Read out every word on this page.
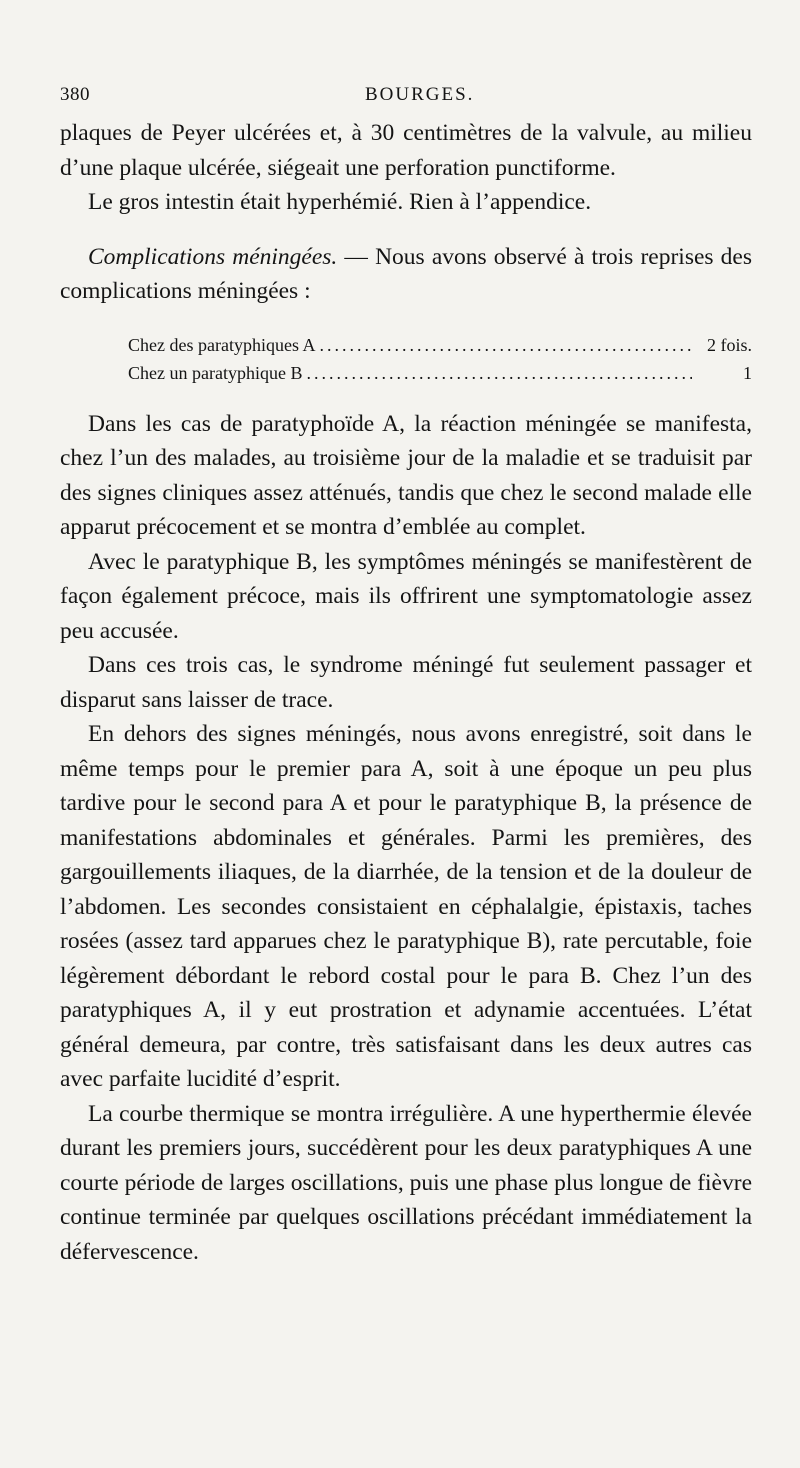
380	BOURGES.

plaques de Peyer ulcérées et, à 30 centimètres de la valvule, au milieu d’une plaque ulcérée, siégeait une perforation punctiforme.

Le gros intestin était hyperhémié. Rien à l’appendice.

Complications méningées. — Nous avons observé à trois reprises des complications méningées :

Chez des paratyphiques A .....	2 fois.
Chez un paratyphique B .....	1

Dans les cas de paratyphoïde A, la réaction méningée se manifesta, chez l’un des malades, au troisième jour de la maladie et se traduisit par des signes cliniques assez atténués, tandis que chez le second malade elle apparut précocement et se montra d’emblée au complet.

Avec le paratyphique B, les symptômes méningés se manifestèrent de façon également précoce, mais ils offrirent une symptomatologie assez peu accusée.

Dans ces trois cas, le syndrome méningé fut seulement passager et disparut sans laisser de trace.

En dehors des signes méningés, nous avons enregistré, soit dans le même temps pour le premier para A, soit à une époque un peu plus tardive pour le second para A et pour le paratyphique B, la présence de manifestations abdominales et générales. Parmi les premières, des gargouillements iliaques, de la diarrhée, de la tension et de la douleur de l’abdomen. Les secondes consistaient en céphalalgie, épistaxis, taches rosées (assez tard apparues chez le paratyphique B), rate percutable, foie légèrement débordant le rebord costal pour le para B. Chez l’un des paratyphiques A, il y eut prostration et adynamie accentuées. L’état général demeura, par contre, très satisfaisant dans les deux autres cas avec parfaite lucidité d’esprit.

La courbe thermique se montra irrégulière. A une hyperthermie élevée durant les premiers jours, succédèrent pour les deux paratyphiques A une courte période de larges oscillations, puis une phase plus longue de fièvre continue terminée par quelques oscillations précédant immédiatement la défervescence.
